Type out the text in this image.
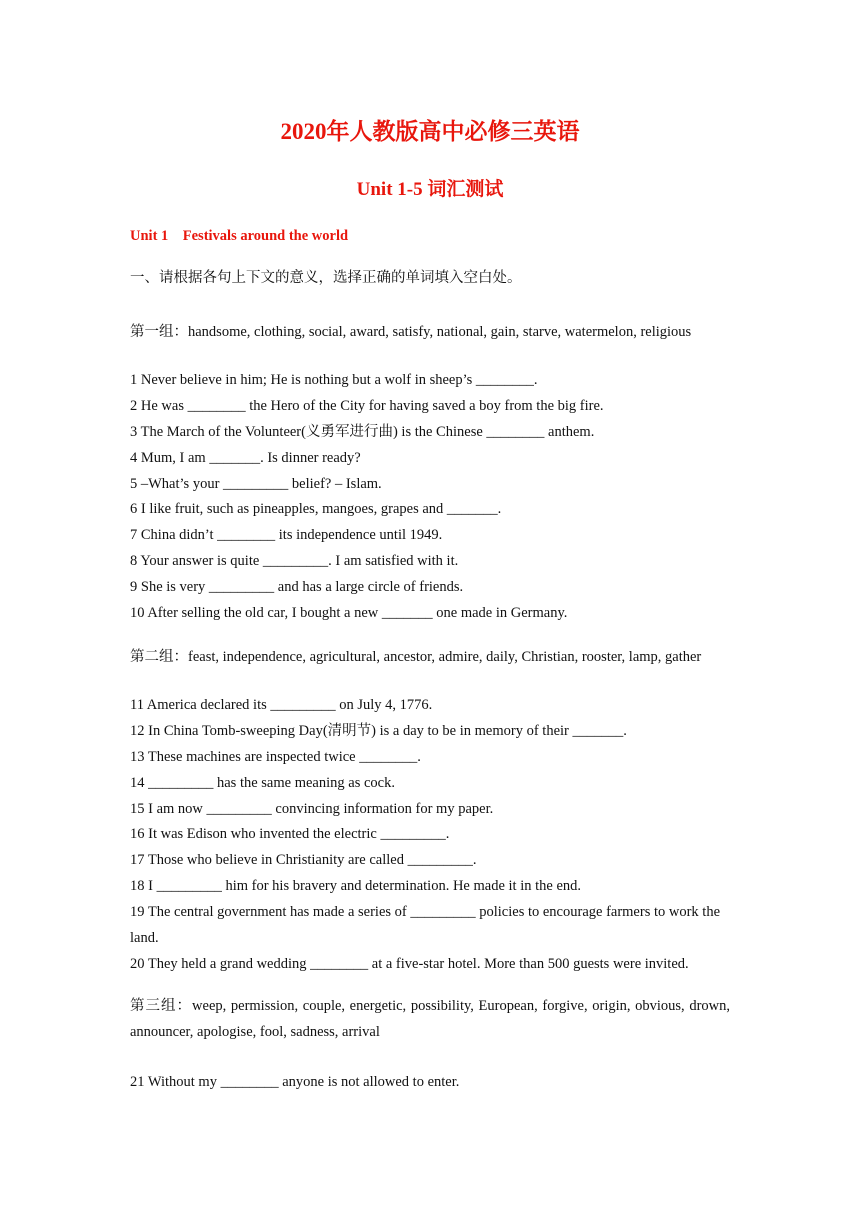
2020年人教版高中必修三英语
Unit 1-5 词汇测试
Unit 1    Festivals around the world
一、请根据各句上下文的意义，选择正确的单词填入空白处。
第一组：handsome, clothing, social, award, satisfy, national, gain, starve, watermelon, religious
1 Never believe in him; He is nothing but a wolf in sheep’s ________.
2 He was ________ the Hero of the City for having saved a boy from the big fire.
3 The March of the Volunteer(义勇军进行曲) is the Chinese ________ anthem.
4 Mum, I am _______. Is dinner ready?
5 –What’s your _________ belief? – Islam.
6 I like fruit, such as pineapples, mangoes, grapes and _______.
7 China didn’t ________ its independence until 1949.
8 Your answer is quite _________. I am satisfied with it.
9 She is very _________ and has a large circle of friends.
10 After selling the old car, I bought a new _______ one made in Germany.
第二组：feast, independence, agricultural, ancestor, admire, daily, Christian, rooster, lamp, gather
11 America declared its _________ on July 4, 1776.
12 In China Tomb-sweeping Day(清明节) is a day to be in memory of their _______.
13 These machines are inspected twice ________.
14 _________ has the same meaning as cock.
15 I am now _________ convincing information for my paper.
16 It was Edison who invented the electric _________.
17 Those who believe in Christianity are called _________.
18 I _________ him for his bravery and determination. He made it in the end.
19 The central government has made a series of _________ policies to encourage farmers to work the land.
20 They held a grand wedding ________ at a five-star hotel. More than 500 guests were invited.
第三组：weep, permission, couple, energetic, possibility, European, forgive, origin, obvious, drown, announcer, apologise, fool, sadness, arrival
21 Without my ________ anyone is not allowed to enter.
